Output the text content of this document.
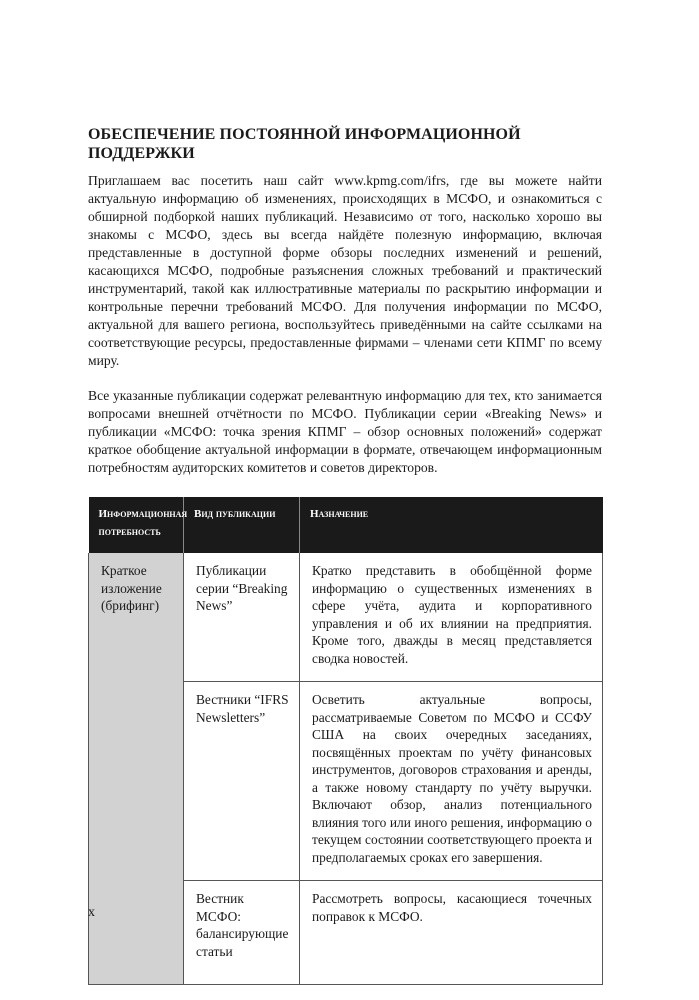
ОБЕСПЕЧЕНИЕ ПОСТОЯННОЙ ИНФОРМАЦИОННОЙ ПОДДЕРЖКИ

Приглашаем вас посетить наш сайт www.kpmg.com/ifrs, где вы можете найти актуальную информацию об изменениях, происходящих в МСФО, и ознакомиться с обширной подборкой наших публикаций. Независимо от того, насколько хорошо вы знакомы с МСФО, здесь вы всегда найдёте полезную информацию, включая представленные в доступной форме обзоры последних изменений и решений, касающихся МСФО, подробные разъяснения сложных требований и практический инструментарий, такой как иллюстративные материалы по раскрытию информации и контрольные перечни требований МСФО. Для получения информации по МСФО, актуальной для вашего региона, воспользуйтесь приведёнными на сайте ссылками на соответствующие ресурсы, предоставленные фирмами – членами сети КПМГ по всему миру.

Все указанные публикации содержат релевантную информацию для тех, кто занимается вопросами внешней отчётности по МСФО. Публикации серии «Breaking News» и публикации «МСФО: точка зрения КПМГ – обзор основных положений» содержат краткое обобщение актуальной информации в формате, отвечающем информационным потребностям аудиторских комитетов и советов директоров.

Информационная потребность	Вид публикации	Назначение
Краткое изложение (брифинг)	Публикации серии “Breaking News”	Кратко представить в обобщённой форме информацию о существенных изменениях в сфере учёта, аудита и корпоративного управления и об их влиянии на предприятия. Кроме того, дважды в месяц представляется сводка новостей.
	Вестники “IFRS Newsletters”	Осветить актуальные вопросы, рассматриваемые Советом по МСФО и ССФУ США на своих очередных заседаниях, посвящённых проектам по учёту финансовых инструментов, договоров страхования и аренды, а также новому стандарту по учёту выручки. Включают обзор, анализ потенциального влияния того или иного решения, информацию о текущем состоянии соответствующего проекта и предполагаемых сроках его завершения.
	Вестник МСФО: балансирующие статьи	Рассмотреть вопросы, касающиеся точечных поправок к МСФО.
x
